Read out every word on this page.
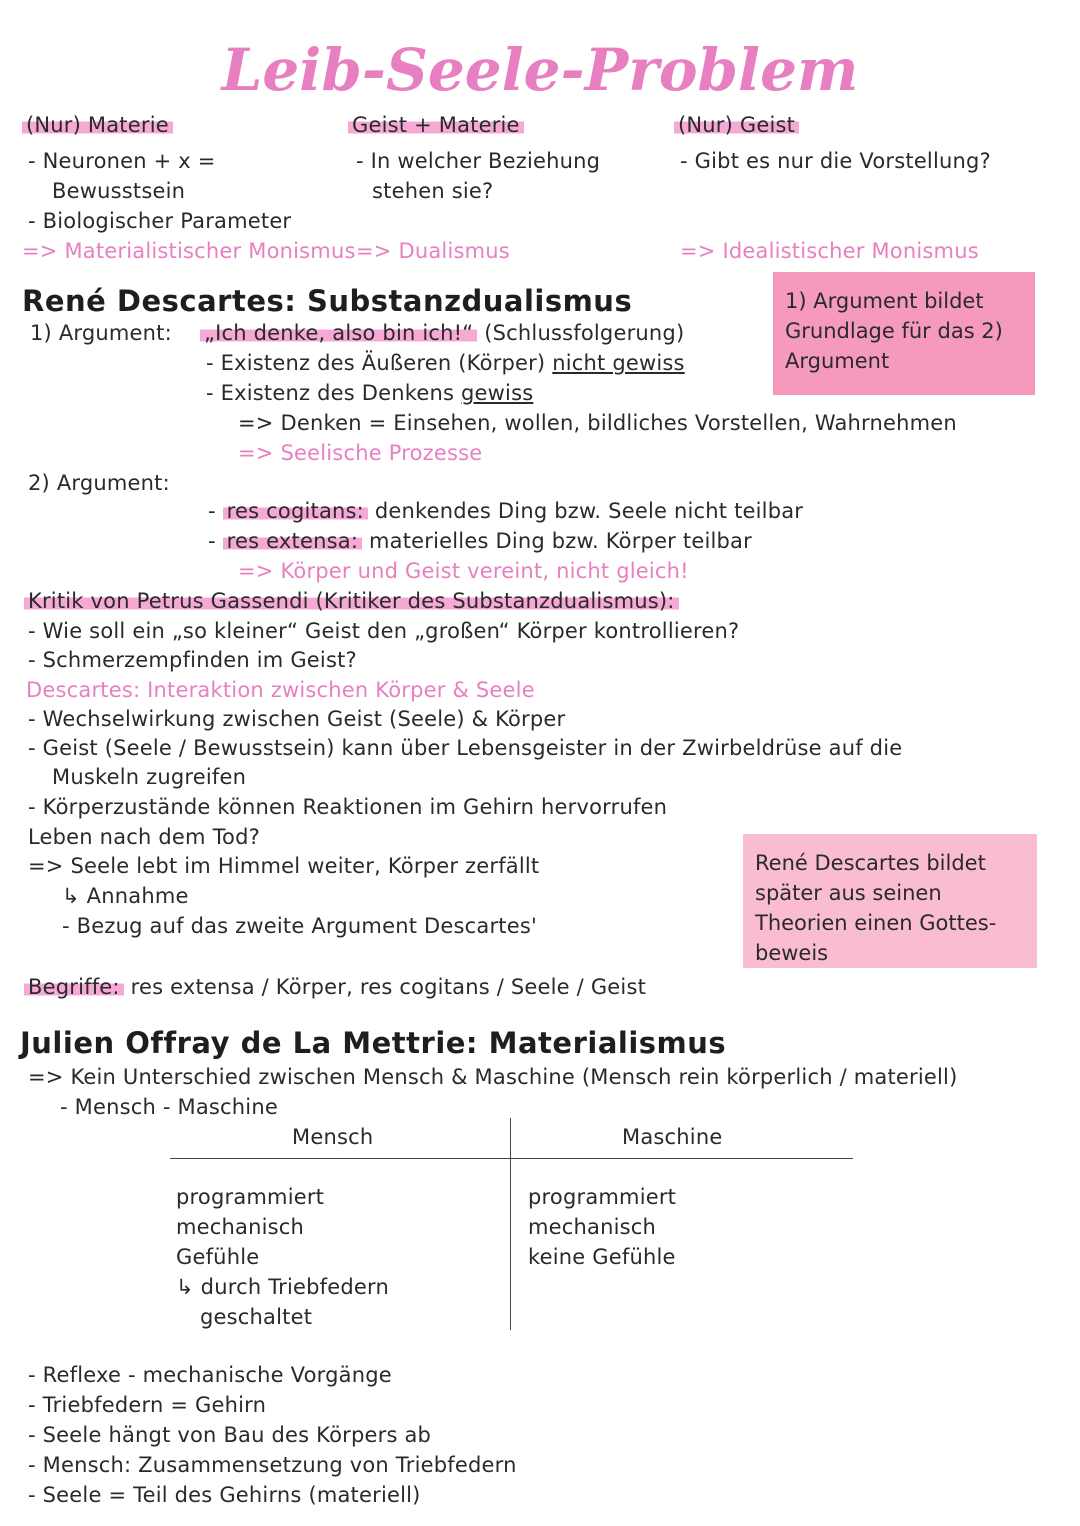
Leib-Seele-Problem
(Nur) Materie
- Neuronen + x =
Bewusstsein
- Biologischer Parameter
=> Materialistischer Monismus
Geist + Materie
- In welcher Beziehung
stehen sie?
=> Dualismus
(Nur) Geist
- Gibt es nur die Vorstellung?
=> Idealistischer Monismus
René Descartes: Substanzdualismus	1) Argument bildet Grundlage für das 2) Argument
1) Argument: „Ich denke, also bin ich!“ (Schlussfolgerung)
- Existenz des Äußeren (Körper) nicht gewiss
- Existenz des Denkens gewiss
=> Denken = Einsehen, wollen, bildliches Vorstellen, Wahrnehmen
=> Seelische Prozesse
2) Argument:
- res cogitans: denkendes Ding bzw. Seele nicht teilbar
- res extensa: materielles Ding bzw. Körper teilbar
=> Körper und Geist vereint, nicht gleich!
Kritik von Petrus Gassendi (Kritiker des Substanzdualismus):
- Wie soll ein „so kleiner“ Geist den „großen“ Körper kontrollieren?
- Schmerzempfinden im Geist?
Descartes: Interaktion zwischen Körper & Seele
- Wechselwirkung zwischen Geist (Seele) & Körper
- Geist (Seele / Bewusstsein) kann über Lebensgeister in der Zwirbeldrüse auf die
Muskeln zugreifen
- Körperzustände können Reaktionen im Gehirn hervorrufen
Leben nach dem Tod?
=> Seele lebt im Himmel weiter, Körper zerfällt
↳ Annahme
- Bezug auf das zweite Argument Descartes'
René Descartes bildet später aus seinen Theorien einen Gottes- beweis
Begriffe: res extensa / Körper, res cogitans / Seele / Geist
Julien Offray de La Mettrie: Materialismus
=> Kein Unterschied zwischen Mensch & Maschine (Mensch rein körperlich / materiell)
- Mensch - Maschine
Mensch	Maschine
programmiert
mechanisch
Gefühle
↳ durch Triebfedern
geschaltet
programmiert
mechanisch
keine Gefühle
- Reflexe - mechanische Vorgänge
- Triebfedern = Gehirn
- Seele hängt von Bau des Körpers ab
- Mensch: Zusammensetzung von Triebfedern
- Seele = Teil des Gehirns (materiell)
